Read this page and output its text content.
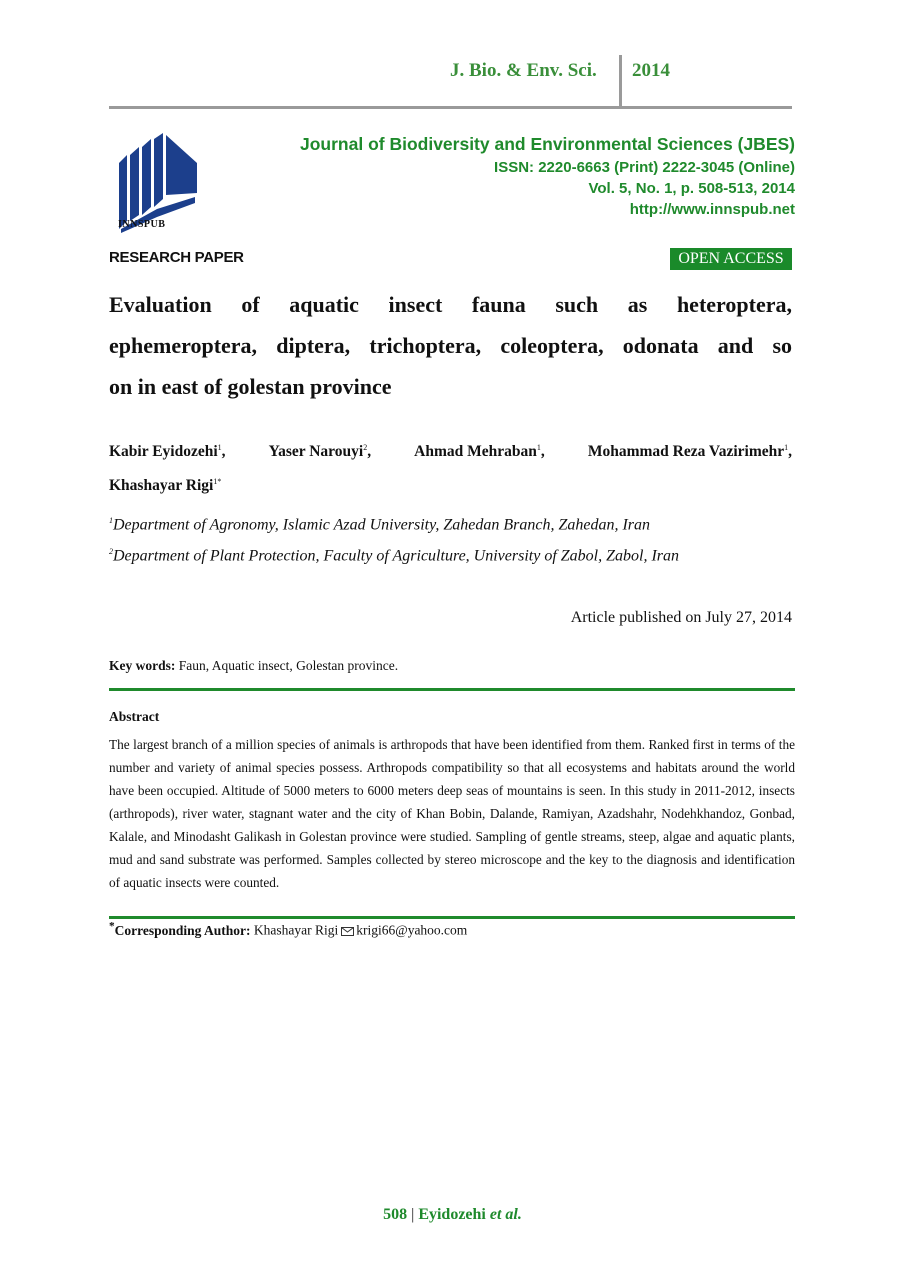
J. Bio. & Env. Sci. 2014
INNSPUB
Journal of Biodiversity and Environmental Sciences (JBES)
ISSN: 2220-6663 (Print) 2222-3045 (Online)
Vol. 5, No. 1, p. 508-513, 2014
http://www.innspub.net
RESEARCH PAPER	OPEN ACCESS
Evaluation of aquatic insect fauna such as heteroptera,
ephemeroptera, diptera, trichoptera, coleoptera, odonata and so
on in east of golestan province
Kabir Eyidozehi$^1$,	Yaser Narouyi$^2$,	Ahmad Mehraban$^1$,	Mohammad Reza Vazirimehr$^1$,
Khashayar Rigi$^{1*}$
$^1$Department of Agronomy, Islamic Azad University, Zahedan Branch, Zahedan, Iran
$^2$Department of Plant Protection, Faculty of Agriculture, University of Zabol, Zabol, Iran
Article published on July 27, 2014
Key words: Faun, Aquatic insect, Golestan province.
Abstract
The largest branch of a million species of animals is arthropods that have been identified from them. Ranked first in terms of the number and variety of animal species possess. Arthropods compatibility so that all ecosystems and habitats around the world have been occupied. Altitude of 5000 meters to 6000 meters deep seas of mountains is seen. In this study in 2011-2012, insects (arthropods), river water, stagnant water and the city of Khan Bobin, Dalande, Ramiyan, Azadshahr, Nodehkhandoz, Gonbad, Kalale, and Minodasht Galikash in Golestan province were studied. Sampling of gentle streams, steep, algae and aquatic plants, mud and sand substrate was performed. Samples collected by stereo microscope and the key to the diagnosis and identification of aquatic insects were counted.
*Corresponding Author: Khashayar Rigi krigi66@yahoo.com
508 | Eyidozehi et al.
